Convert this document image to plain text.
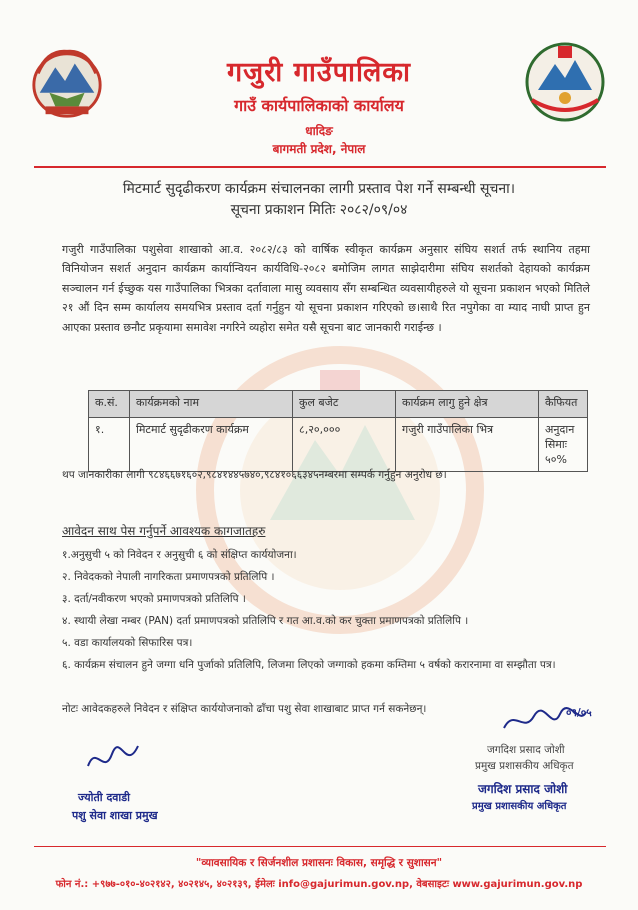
गजुरी गाउँपालिका
गाउँ कार्यपालिकाको कार्यालय
धादिङ
बागमती प्रदेश, नेपाल
मिटमार्ट सुदृढीकरण कार्यक्रम संचालनका लागी प्रस्ताव पेश गर्ने सम्बन्धी सूचना।
सूचना प्रकाशन मितिः २०८२/०९/०४
गजुरी गाउँपालिका पशुसेवा शाखाको आ.व. २०८२/८३ को वार्षिक स्वीकृत कार्यक्रम अनुसार संघिय सशर्त तर्फ स्थानिय तहमा विनियोजन सशर्त अनुदान कार्यक्रम कार्यान्वियन कार्यविधि-२०८२ बमोजिम लागत साझेदारीमा संघिय सशर्तको देहायको कार्यक्रम सञ्चालन गर्न ईच्छुक यस गाउँपालिका भित्रका दर्तावाला मासु व्यवसाय सँग सम्बन्धित व्यवसायीहरुले यो सूचना प्रकाशन भएको मितिले २१ औं दिन सम्म कार्यालय समयभित्र प्रस्ताव दर्ता गर्नुहुन यो सूचना प्रकाशन गरिएको छ।साथै रित नपुगेका वा म्याद नाघी प्राप्त हुन आएका प्रस्ताव छनौट प्रकृयामा समावेश नगरिने व्यहोरा समेत यसै सूचना बाट जानकारी गराईन्छ ।
क.सं.	कार्यक्रमको नाम	कुल बजेट	कार्यक्रम लागु हुने क्षेत्र	कैफियत
१.	मिटमार्ट सुदृढीकरण कार्यक्रम	८,२०,०००	गजुरी गाउँपालिका भित्र	अनुदान सिमाः ५०%
थप जानकारीका लागी ९८४६६७१६०२,९८४१४४५७४०,९८४१०६६३४५नम्बरमा सम्पर्क गर्नुहुन अनुरोध छ।
आवेदन साथ पेस गर्नुपर्ने आवश्यक कागजातहरु
१.अनुसुची ५ को निवेदन र अनुसुची ६ को संक्षिप्त कार्ययोजना।
२. निवेदकको नेपाली नागरिकता प्रमाणपत्रको प्रतिलिपि ।
३. दर्ता/नवीकरण भएको प्रमाणपत्रको प्रतिलिपि ।
४. स्थायी लेखा नम्बर (PAN) दर्ता प्रमाणपत्रको प्रतिलिपि र गत आ.व.को कर चुक्ता प्रमाणपत्रको प्रतिलिपि ।
५. वडा कार्यालयको सिफारिस पत्र।
६. कार्यक्रम संचालन हुने जग्गा धनि पुर्जाको प्रतिलिपि, लिजमा लिएको जग्गाको हकमा कम्तिमा ५ वर्षको करारनामा वा सम्झौता पत्र।
नोटः आवेदकहरुले निवेदन र संक्षिप्त कार्ययोजनाको ढाँचा पशु सेवा शाखाबाट प्राप्त गर्न सकनेछन्।	०९/०५
जगदिश प्रसाद जोशी
प्रमुख प्रशासकीय अधिकृत
ज्योती दवाडी
पशु सेवा शाखा प्रमुख
जगदिश प्रसाद जोशी
प्रमुख प्रशासकीय अधिकृत
"व्यावसायिक र सिर्जनशील प्रशासनः विकास, समृद्धि र सुशासन"
फोन नं.: +९७७-०१०-४०२१४२, ४०२१४५, ४०२१३९, ईमेलः info@gajurimun.gov.np, वेबसाइटः www.gajurimun.gov.np
